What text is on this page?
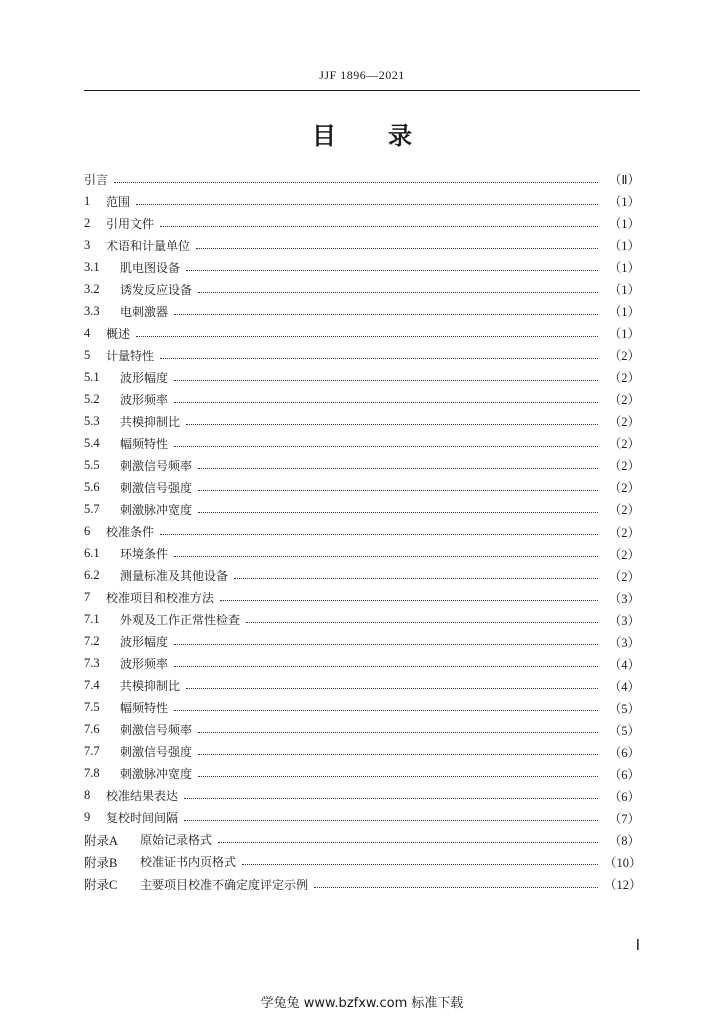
JJF 1896—2021
目 录
引言	（Ⅱ）
1	范围	（1）
2	引用文件	（1）
3	术语和计量单位	（1）
3.1	肌电图设备	（1）
3.2	诱发反应设备	（1）
3.3	电刺激器	（1）
4	概述	（1）
5	计量特性	（2）
5.1	波形幅度	（2）
5.2	波形频率	（2）
5.3	共模抑制比	（2）
5.4	幅频特性	（2）
5.5	刺激信号频率	（2）
5.6	刺激信号强度	（2）
5.7	刺激脉冲宽度	（2）
6	校准条件	（2）
6.1	环境条件	（2）
6.2	测量标准及其他设备	（2）
7	校准项目和校准方法	（3）
7.1	外观及工作正常性检查	（3）
7.2	波形幅度	（3）
7.3	波形频率	（4）
7.4	共模抑制比	（4）
7.5	幅频特性	（5）
7.6	刺激信号频率	（5）
7.7	刺激信号强度	（6）
7.8	刺激脉冲宽度	（6）
8	校准结果表达	（6）
9	复校时间间隔	（7）
附录A	原始记录格式	（8）
附录B	校准证书内页格式	（10）
附录C	主要项目校准不确定度评定示例	（12）
Ⅰ
学兔兔 www.bzfxw.com 标准下载
